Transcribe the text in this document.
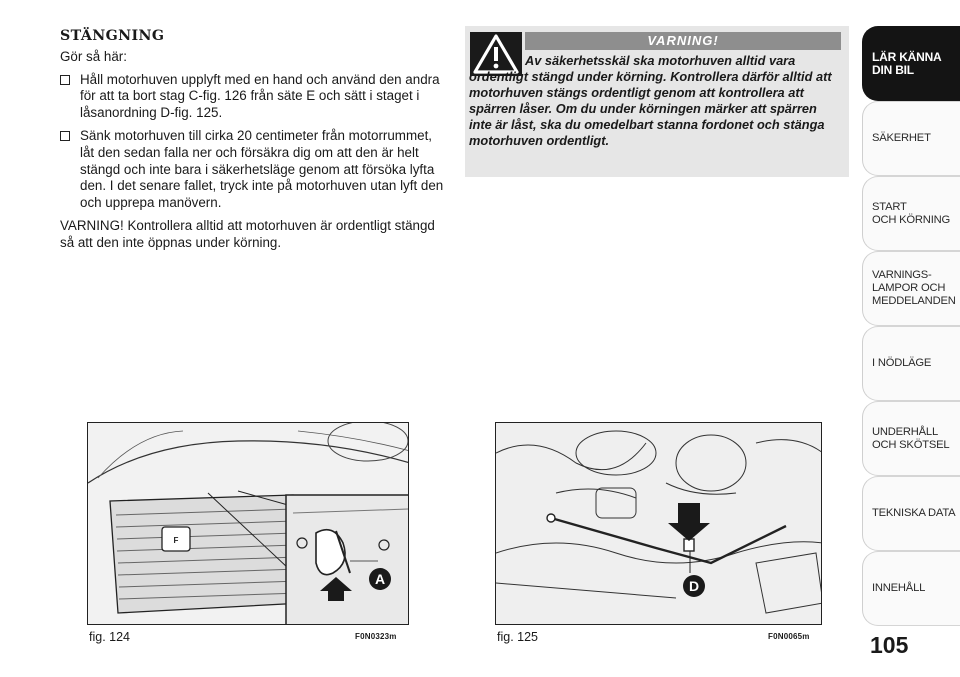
STÄNGNING
Gör så här:
Håll motorhuven upplyft med en hand och använd den andra för att ta bort stag C-fig. 126 från säte E och sätt i staget i låsanordning D-fig. 125.
Sänk motorhuven till cirka 20 centimeter från motorrummet, låt den sedan falla ner och försäkra dig om att den är helt stängd och inte bara i säkerhetsläge genom att försöka lyfta den. I det senare fallet, tryck inte på motorhuven utan lyft den och upprepa manövern.
VARNING! Kontrollera alltid att motorhuven är ordentligt stängd så att den inte öppnas under körning.
VARNING!
Av säkerhetsskäl ska motorhuven alltid vara ordentligt stängd under körning. Kontrollera därför alltid att motorhuven stängs ordentligt genom att kontrollera att spärren låser. Om du under körningen märker att spärren inte är låst, ska du omedelbart stanna fordonet och stänga motorhuven ordentligt.
F
A
fig. 124	F0N0323m
D
fig. 125	F0N0065m
LÄR KÄNNA
DIN BIL
SÄKERHET
START
OCH KÖRNING
VARNINGS-
LAMPOR OCH
MEDDELANDEN
I NÖDLÄGE
UNDERHÅLL
OCH SKÖTSEL
TEKNISKA DATA
INNEHÅLL
105
